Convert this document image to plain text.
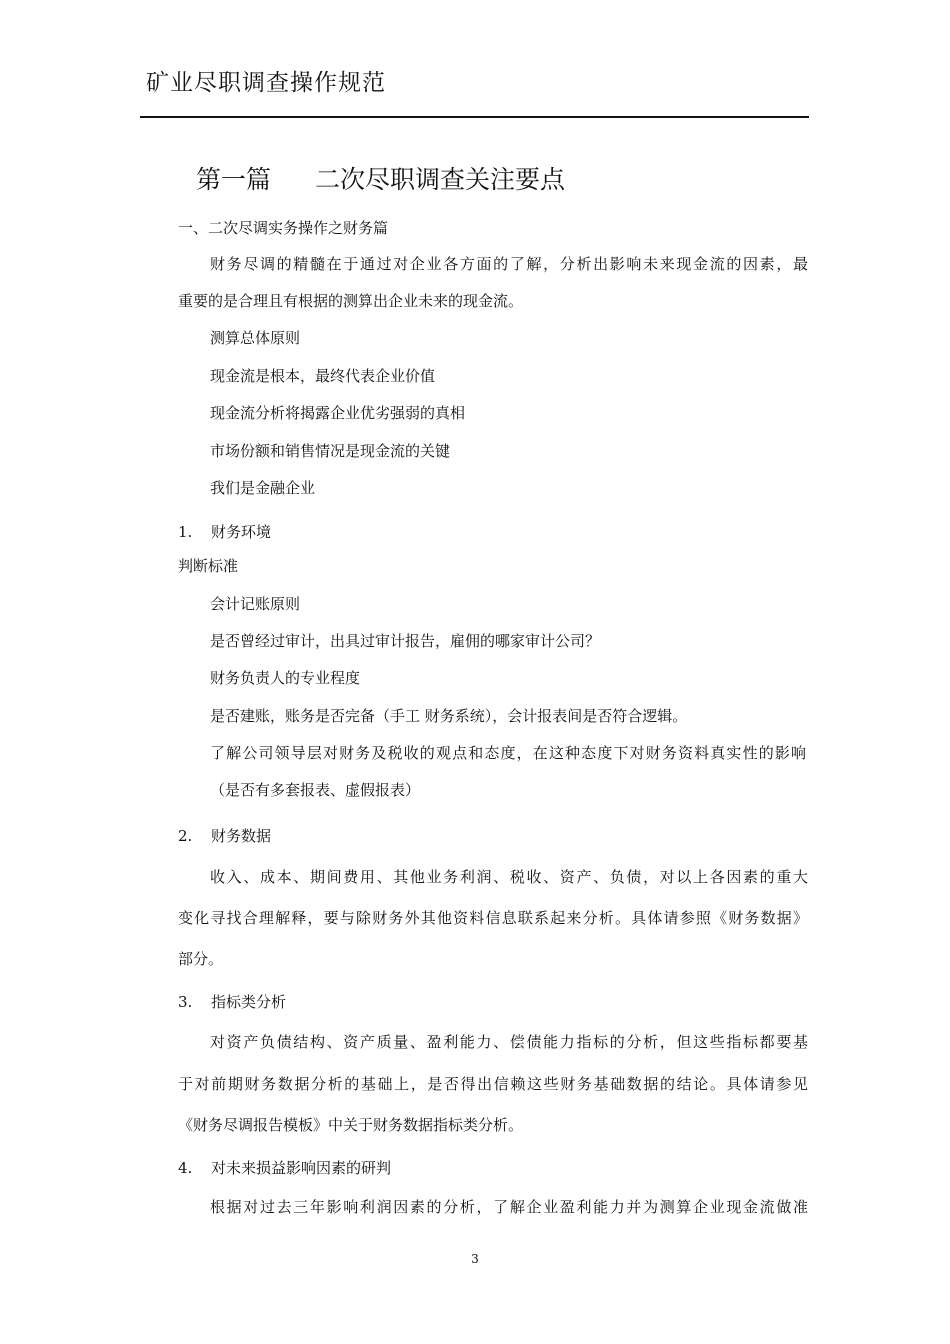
矿业尽职调查操作规范
第一篇 二次尽职调查关注要点
一、二次尽调实务操作之财务篇
财务尽调的精髓在于通过对企业各方面的了解，分析出影响未来现金流的因素，最
重要的是合理且有根据的测算出企业未来的现金流。
测算总体原则
现金流是根本，最终代表企业价值
现金流分析将揭露企业优劣强弱的真相
市场份额和销售情况是现金流的关键
我们是金融企业
1. 财务环境
判断标准
会计记账原则
是否曾经过审计，出具过审计报告，雇佣的哪家审计公司？
财务负责人的专业程度
是否建账，账务是否完备（手工 财务系统），会计报表间是否符合逻辑。
了解公司领导层对财务及税收的观点和态度，在这种态度下对财务资料真实性的影响
（是否有多套报表、虚假报表）
2. 财务数据
收入、成本、期间费用、其他业务利润、税收、资产、负债，对以上各因素的重大
变化寻找合理解释，要与除财务外其他资料信息联系起来分析。具体请参照《财务数据》
部分。
3. 指标类分析
对资产负债结构、资产质量、盈利能力、偿债能力指标的分析，但这些指标都要基
于对前期财务数据分析的基础上，是否得出信赖这些财务基础数据的结论。具体请参见
《财务尽调报告模板》中关于财务数据指标类分析。
4. 对未来损益影响因素的研判
根据对过去三年影响利润因素的分析，了解企业盈利能力并为测算企业现金流做准
3
